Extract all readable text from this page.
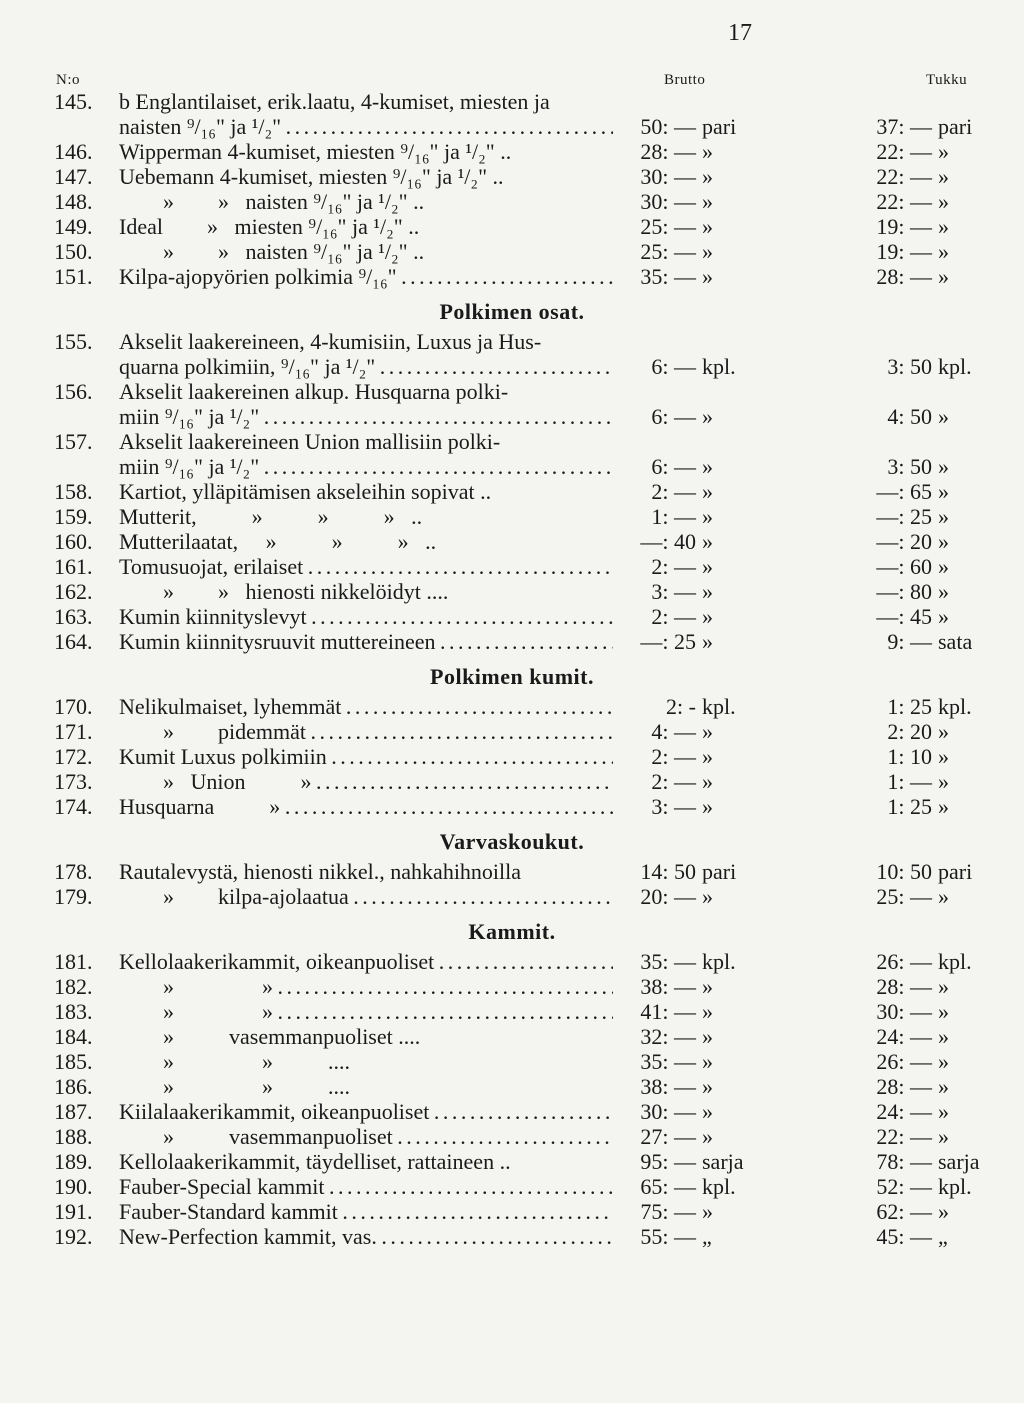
17
N:o	Brutto	Tukku
145.	b Englantilaiset, erik.laatu, 4-kumiset, miesten ja
naisten ⁹/₁₆" ja ¹/₂" . . .	50: — pari	37: — pari
146.	Wipperman 4-kumiset, miesten ⁹/₁₆" ja ¹/₂" ..	28: — »	22: — »
147.	Uebemann 4-kumiset, miesten ⁹/₁₆" ja ¹/₂" ..	30: — »	22: — »
148.	»        »   naisten ⁹/₁₆" ja ¹/₂" ..	30: — »	22: — »
149.	Ideal        »   miesten ⁹/₁₆" ja ¹/₂" ..	25: — »	19: — »
150.	»        »   naisten ⁹/₁₆" ja ¹/₂" ..	25: — »	19: — »
151.	Kilpa-ajopyörien polkimia ⁹/₁₆" . . .	35: — »	28: — »
Polkimen osat.
155.	Akselit laakereineen, 4-kumisiin, Luxus ja Hus-
quarna polkimiin, ⁹/₁₆" ja ¹/₂" . . .	6: — kpl.	3: 50 kpl.
156.	Akselit laakereinen alkup. Husquarna polki-
miin ⁹/₁₆" ja ¹/₂" . . .	6: — »	4: 50 »
157.	Akselit laakereineen Union mallisiin polki-
miin ⁹/₁₆" ja ¹/₂" . . .	6: — »	3: 50 »
158.	Kartiot, ylläpitämisen akseleihin sopivat ..	2: — »	—: 65 »
159.	Mutterit,          »          »          »   ..	1: — »	—: 25 »
160.	Mutterilaatat,     »          »          »   ..	—: 40 »	—: 20 »
161.	Tomusuojat, erilaiset . . .	2: — »	—: 60 »
162.	»        »   hienosti nikkelöidyt ....	3: — »	—: 80 »
163.	Kumin kiinnityslevyt . . .	2: — »	—: 45 »
164.	Kumin kiinnitysruuvit muttereineen . . .	—: 25 »	9: — sata
Polkimen kumit.
170.	Nelikulmaiset, lyhemmät . . .	2: - kpl.	1: 25 kpl.
171.	»        pidemmät . . .	4: — »	2: 20 »
172.	Kumit Luxus polkimiin . . .	2: — »	1: 10 »
173.	»   Union          » . . .	2: — »	1: — »
174.	Husquarna          » . . .	3: — »	1: 25 »
Varvaskoukut.
178.	Rautalevystä, hienosti nikkel., nahkahihnoilla	14: 50 pari	10: 50 pari
179.	»        kilpa-ajolaatua . . .	20: — »	25: — »
Kammit.
181.	Kellolaakerikammit, oikeanpuoliset . . .	35: — kpl.	26: — kpl.
182.	»                » . . .	38: — »	28: — »
183.	»                » . . .	41: — »	30: — »
184.	»          vasemmanpuoliset ....	32: — »	24: — »
185.	»                »          ....	35: — »	26: — »
186.	»                »          ....	38: — »	28: — »
187.	Kiilalaakerikammit, oikeanpuoliset . . .	30: — »	24: — »
188.	»          vasemmanpuoliset . . .	27: — »	22: — »
189.	Kellolaakerikammit, täydelliset, rattaineen ..	95: — sarja	78: — sarja
190.	Fauber-Special kammit . . .	65: — kpl.	52: — kpl.
191.	Fauber-Standard kammit . . .	75: — »	62: — »
192.	New-Perfection kammit, vas. . . .	55: — „	45: — „
